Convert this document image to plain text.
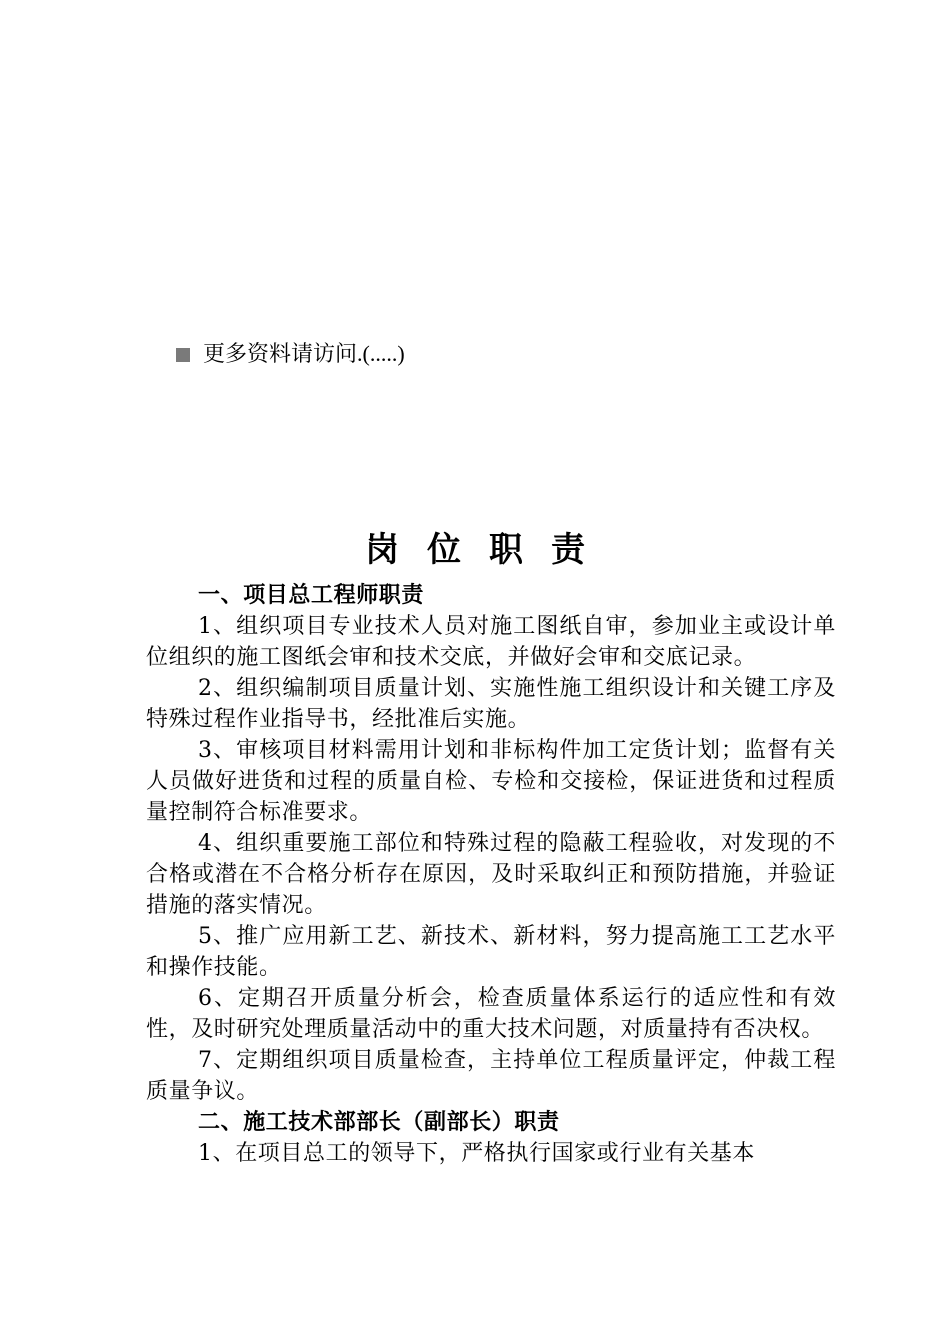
更多资料请访问.(.....)
岗位职责

一、项目总工程师职责

1、组织项目专业技术人员对施工图纸自审，参加业主或设计单位组织的施工图纸会审和技术交底，并做好会审和交底记录。

2、组织编制项目质量计划、实施性施工组织设计和关键工序及特殊过程作业指导书，经批准后实施。

3、审核项目材料需用计划和非标构件加工定货计划；监督有关人员做好进货和过程的质量自检、专检和交接检，保证进货和过程质量控制符合标准要求。

4、组织重要施工部位和特殊过程的隐蔽工程验收，对发现的不合格或潜在不合格分析存在原因，及时采取纠正和预防措施，并验证措施的落实情况。

5、推广应用新工艺、新技术、新材料，努力提高施工工艺水平和操作技能。

6、定期召开质量分析会，检查质量体系运行的适应性和有效性，及时研究处理质量活动中的重大技术问题，对质量持有否决权。

7、定期组织项目质量检查，主持单位工程质量评定，仲裁工程质量争议。

二、施工技术部部长（副部长）职责

1、在项目总工的领导下，严格执行国家或行业有关基本
